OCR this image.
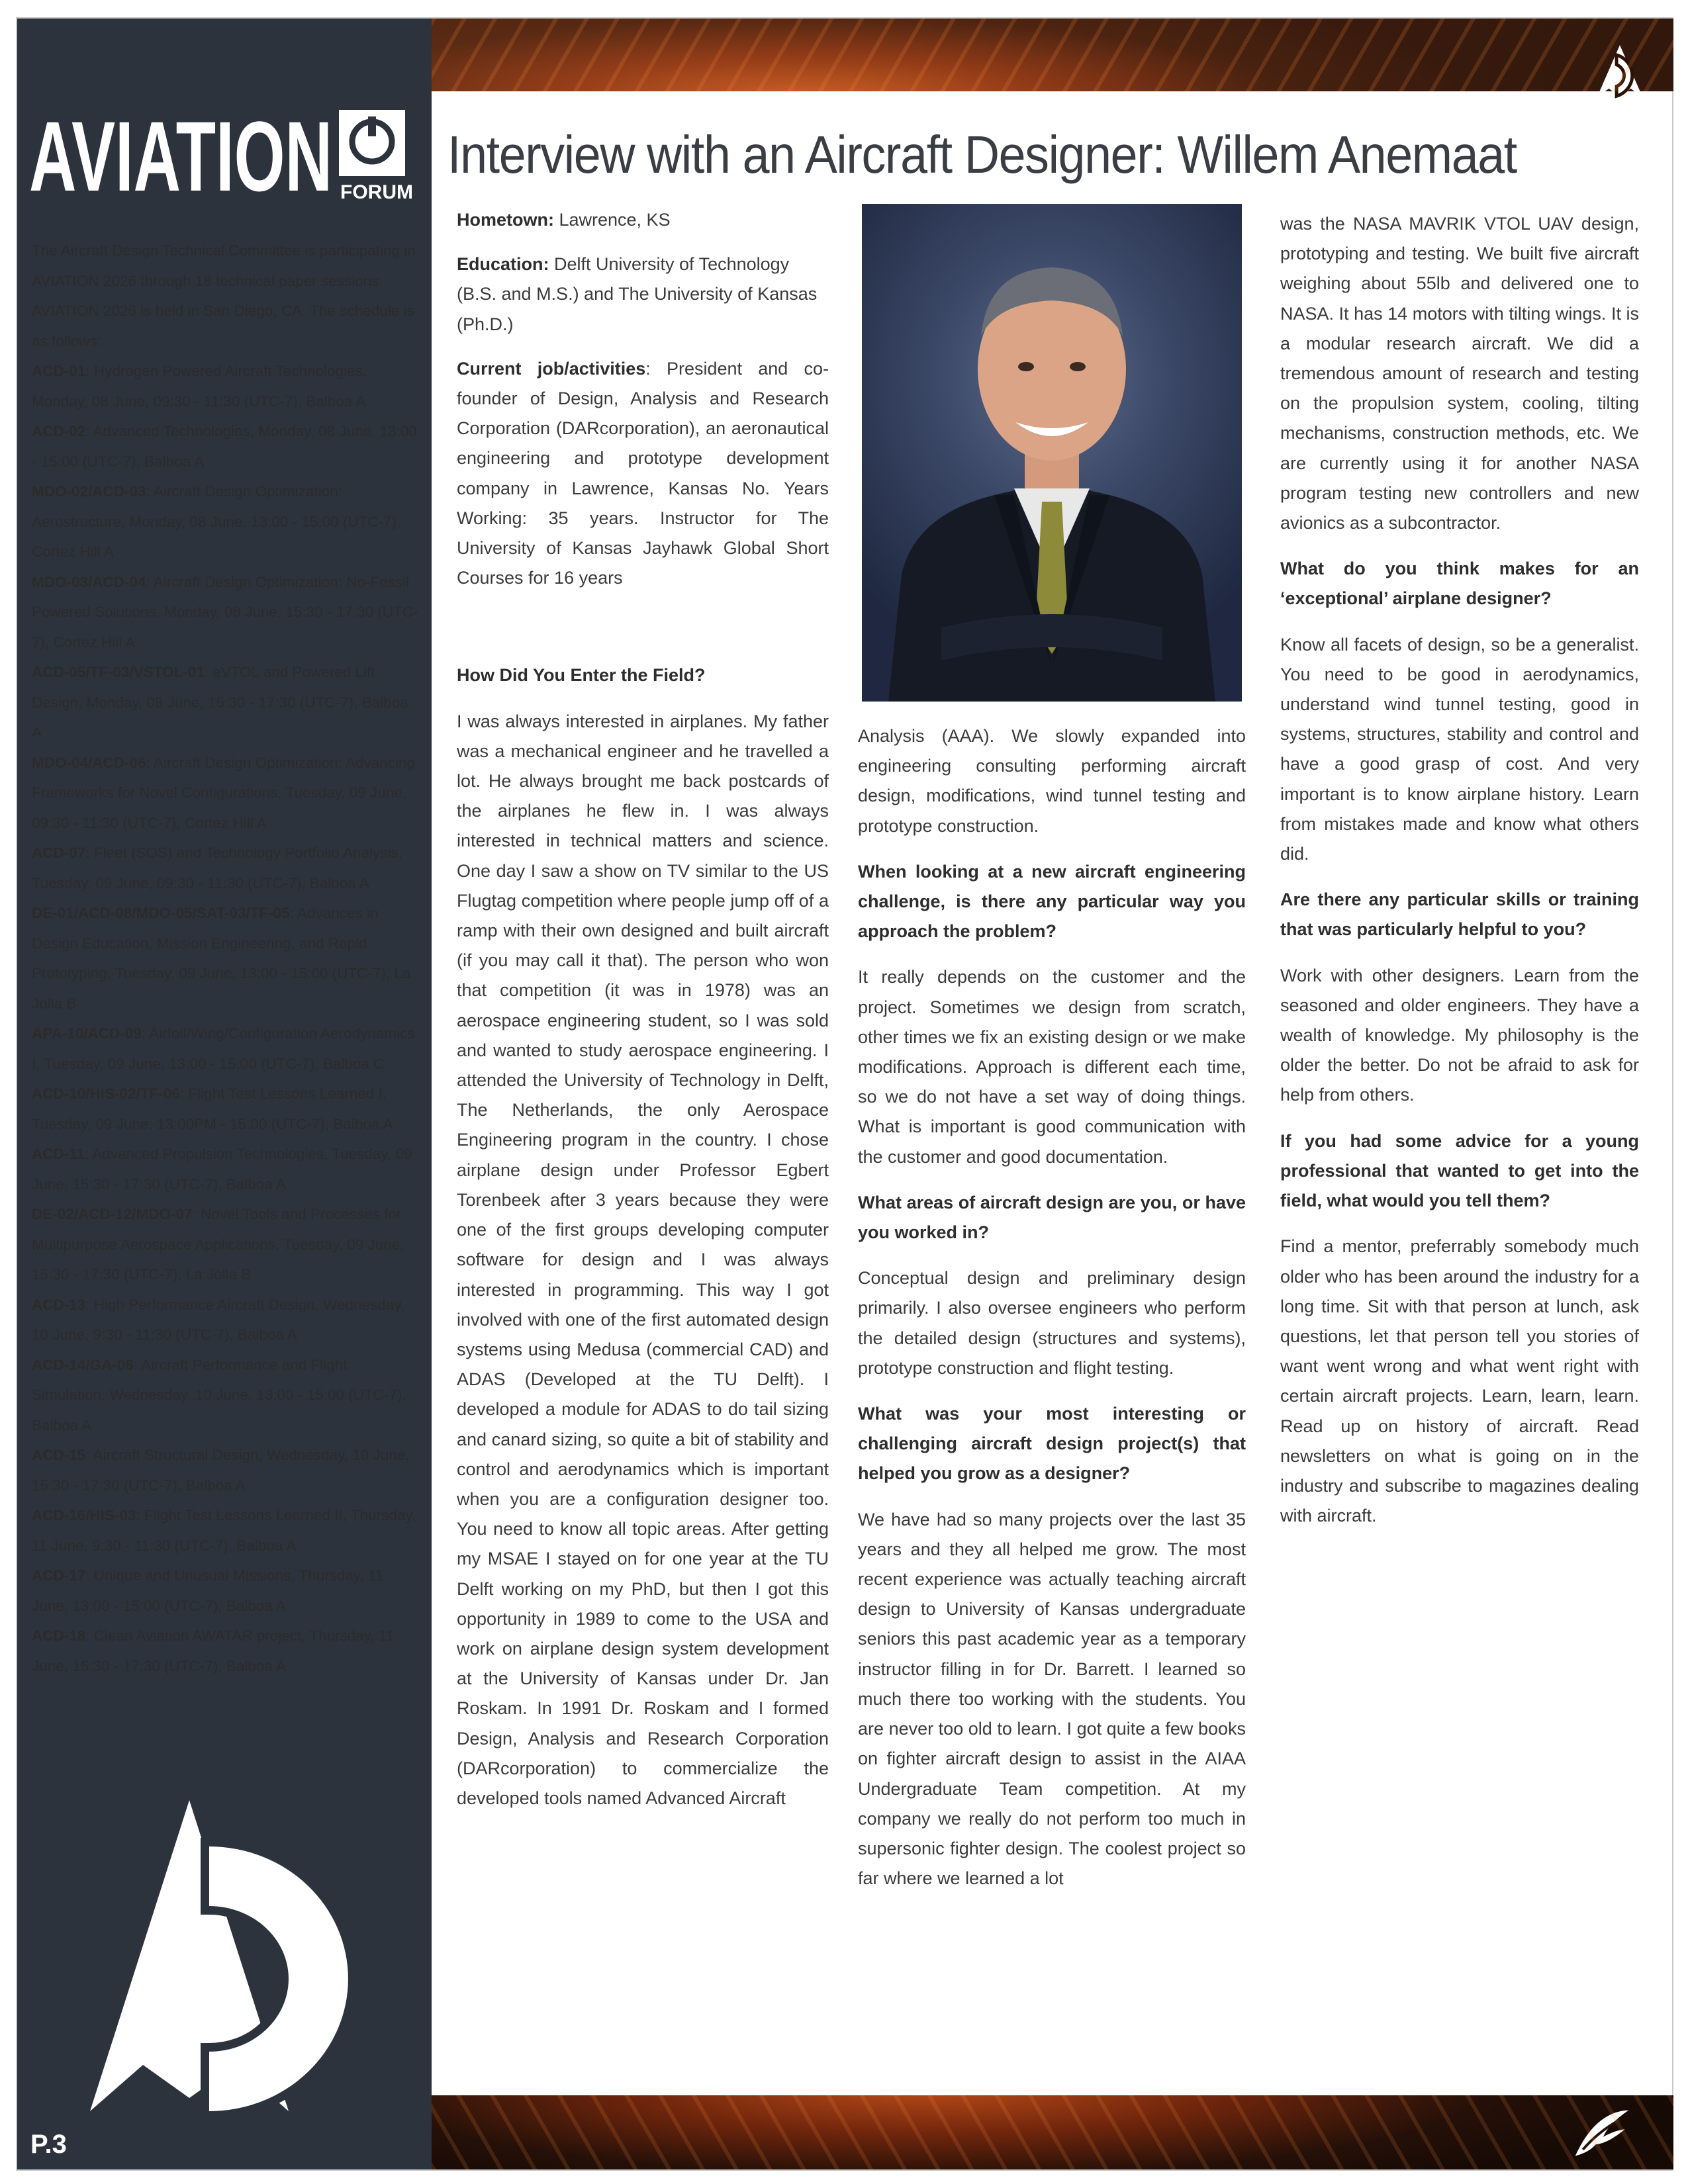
AVIATION FORUM

The Aircraft Design Technical Committee is participating in AVIATION 2026 through 18 technical paper sessions. AVIATION 2026 is held in San Diego, CA. The schedule is as follows:

ACD-01: Hydrogen Powered Aircraft Technologies, Monday, 08 June, 09:30 - 11:30 (UTC-7), Balboa A

ACD-02: Advanced Technologies, Monday, 08 June, 13:00 - 15:00 (UTC-7), Balboa A

MDO-02/ACD-03: Aircraft Design Optimization: Aerostructure, Monday, 08 June, 13:00 - 15:00 (UTC-7), Cortez Hill A

MDO-03/ACD-04: Aircraft Design Optimization: No-Fossil Powered Solutions, Monday, 08 June, 15:30 - 17:30 (UTC-7), Cortez Hill A

ACD-05/TF-03/VSTOL-01: eVTOL and Powered Lift Design, Monday, 08 June, 15:30 - 17:30 (UTC-7), Balboa A

MDO-04/ACD-06: Aircraft Design Optimization: Advancing Frameworks for Novel Configurations, Tuesday, 09 June, 09:30 - 11:30 (UTC-7), Cortez Hill A

ACD-07: Fleet (SOS) and Technology Portfolio Analysis, Tuesday, 09 June, 09:30 - 11:30 (UTC-7), Balboa A

DE-01/ACD-08/MDO-05/SAT-03/TF-05: Advances in Design Education, Mission Engineering, and Rapid Prototyping, Tuesday, 09 June, 13:00 - 15:00 (UTC-7), La Jolla B

APA-10/ACD-09: Airfoil/Wing/Configuration Aerodynamics I, Tuesday, 09 June, 13:00 - 15:00 (UTC-7), Balboa C

ACD-10/HIS-02/TF-06: Flight Test Lessons Learned I, Tuesday, 09 June, 13:00PM - 15:00 (UTC-7), Balboa A

ACD-11: Advanced Propulsion Technologies, Tuesday, 09 June, 15:30 - 17:30 (UTC-7), Balboa A

DE-02/ACD-12/MDO-07: Novel Tools and Processes for Multipurpose Aerospace Applications, Tuesday, 09 June, 15:30 - 17:30 (UTC-7), La Jolla B

ACD-13: High Performance Aircraft Design, Wednesday, 10 June, 9:30 - 11:30 (UTC-7), Balboa A

ACD-14/GA-06: Aircraft Performance and Flight Simulation, Wednesday, 10 June, 13:00 - 15:00 (UTC-7), Balboa A

ACD-15: Aircraft Structural Design, Wednesday, 10 June, 15:30 - 17:30 (UTC-7), Balboa A

ACD-16/HIS-03: Flight Test Lessons Learned II, Thursday, 11 June, 9:30 - 11:30 (UTC-7), Balboa A

ACD-17: Unique and Unusual Missions, Thursday, 11 June, 13:00 - 15:00 (UTC-7), Balboa A

ACD-18: Clean Aviation AWATAR project, Thursday, 11 June, 15:30 - 17:30 (UTC-7), Balboa A

P.3
Interview with an Aircraft Designer: Willem Anemaat

Hometown: Lawrence, KS

Education: Delft University of Technology (B.S. and M.S.) and The University of Kansas (Ph.D.)

Current job/activities: President and co-founder of Design, Analysis and Research Corporation (DARcorporation), an aeronautical engineering and prototype development company in Lawrence, Kansas No. Years Working: 35 years. Instructor for The University of Kansas Jayhawk Global Short Courses for 16 years

How Did You Enter the Field?

I was always interested in airplanes. My father was a mechanical engineer and he travelled a lot. He always brought me back postcards of the airplanes he flew in. I was always interested in technical matters and science. One day I saw a show on TV similar to the US Flugtag competition where people jump off of a ramp with their own designed and built aircraft (if you may call it that). The person who won that competition (it was in 1978) was an aerospace engineering student, so I was sold and wanted to study aerospace engineering. I attended the University of Technology in Delft, The Netherlands, the only Aerospace Engineering program in the country. I chose airplane design under Professor Egbert Torenbeek after 3 years because they were one of the first groups developing computer software for design and I was always interested in programming. This way I got involved with one of the first automated design systems using Medusa (commercial CAD) and ADAS (Developed at the TU Delft). I developed a module for ADAS to do tail sizing and canard sizing, so quite a bit of stability and control and aerodynamics which is important when you are a configuration designer too. You need to know all topic areas. After getting my MSAE I stayed on for one year at the TU Delft working on my PhD, but then I got this opportunity in 1989 to come to the USA and work on airplane design system development at the University of Kansas under Dr. Jan Roskam. In 1991 Dr. Roskam and I formed Design, Analysis and Research Corporation (DARcorporation) to commercialize the developed tools named Advanced Aircraft

Analysis (AAA). We slowly expanded into engineering consulting performing aircraft design, modifications, wind tunnel testing and prototype construction.

When looking at a new aircraft engineering challenge, is there any particular way you approach the problem?

It really depends on the customer and the project. Sometimes we design from scratch, other times we fix an existing design or we make modifications. Approach is different each time, so we do not have a set way of doing things. What is important is good communication with the customer and good documentation.

What areas of aircraft design are you, or have you worked in?

Conceptual design and preliminary design primarily. I also oversee engineers who perform the detailed design (structures and systems), prototype construction and flight testing.

What was your most interesting or challenging aircraft design project(s) that helped you grow as a designer?

We have had so many projects over the last 35 years and they all helped me grow. The most recent experience was actually teaching aircraft design to University of Kansas undergraduate seniors this past academic year as a temporary instructor filling in for Dr. Barrett. I learned so much there too working with the students. You are never too old to learn. I got quite a few books on fighter aircraft design to assist in the AIAA Undergraduate Team competition. At my company we really do not perform too much in supersonic fighter design. The coolest project so far where we learned a lot

was the NASA MAVRIK VTOL UAV design, prototyping and testing. We built five aircraft weighing about 55lb and delivered one to NASA. It has 14 motors with tilting wings. It is a modular research aircraft. We did a tremendous amount of research and testing on the propulsion system, cooling, tilting mechanisms, construction methods, etc. We are currently using it for another NASA program testing new controllers and new avionics as a subcontractor.

What do you think makes for an ‘exceptional’ airplane designer?

Know all facets of design, so be a generalist. You need to be good in aerodynamics, understand wind tunnel testing, good in systems, structures, stability and control and have a good grasp of cost. And very important is to know airplane history. Learn from mistakes made and know what others did.

Are there any particular skills or training that was particularly helpful to you?

Work with other designers. Learn from the seasoned and older engineers. They have a wealth of knowledge. My philosophy is the older the better. Do not be afraid to ask for help from others.

If you had some advice for a young professional that wanted to get into the field, what would you tell them?

Find a mentor, preferrably somebody much older who has been around the industry for a long time. Sit with that person at lunch, ask questions, let that person tell you stories of want went wrong and what went right with certain aircraft projects. Learn, learn, learn. Read up on history of aircraft. Read newsletters on what is going on in the industry and subscribe to magazines dealing with aircraft.
